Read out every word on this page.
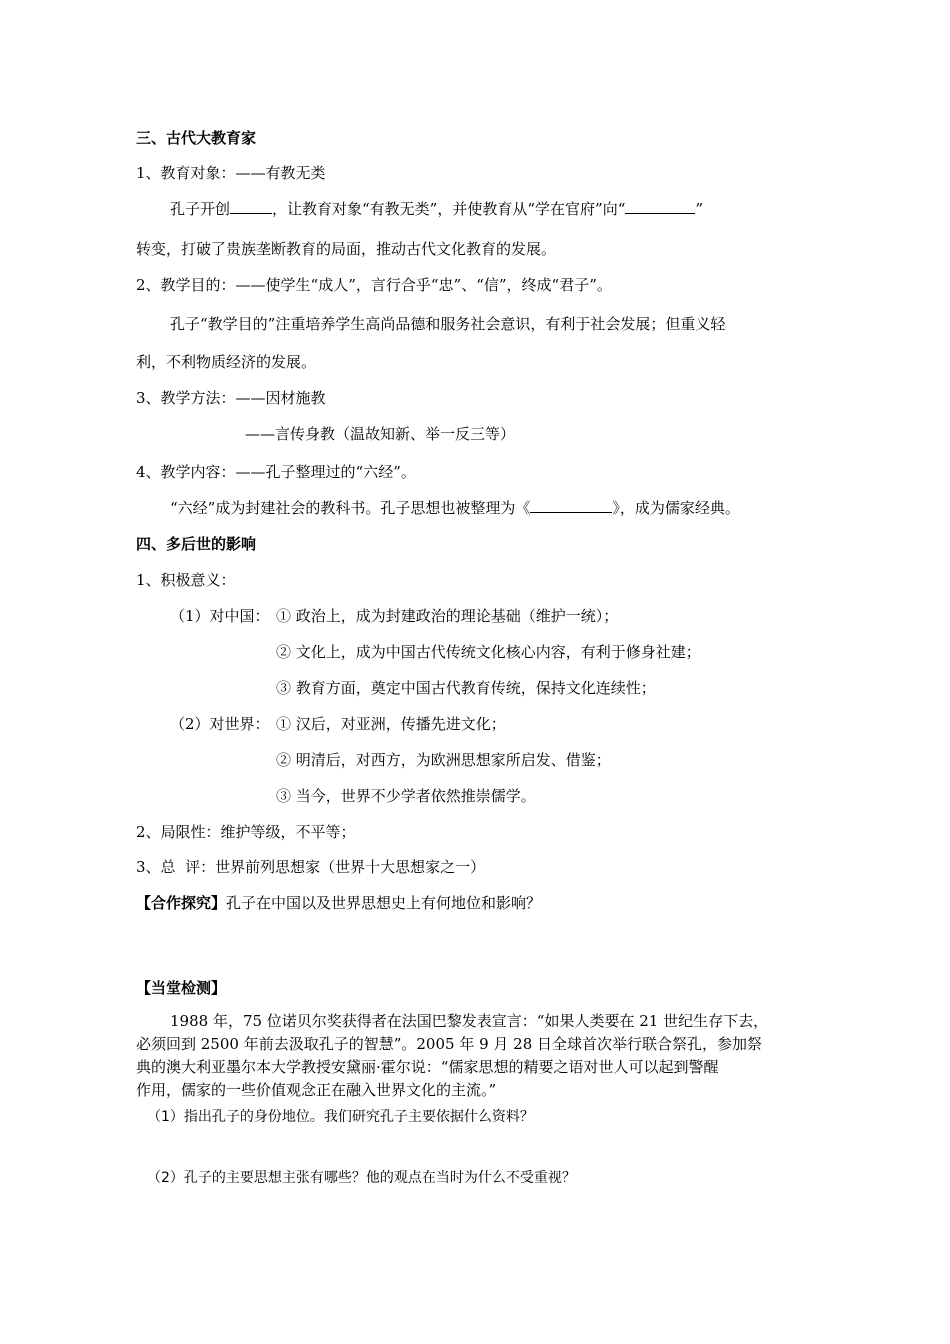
三、古代大教育家
1、教育对象：——有教无类
孔子开创	，让教育对象“有教无类”，并使教育从“学在官府”向“	”
转变，打破了贵族垄断教育的局面，推动古代文化教育的发展。
2、教学目的：——使学生“成人”，言行合乎“忠”、“信”，终成“君子”。
孔子“教学目的”注重培养学生高尚品德和服务社会意识，有利于社会发展；但重义轻
利，不利物质经济的发展。
3、教学方法：——因材施教
——言传身教（温故知新、举一反三等）
4、教学内容：——孔子整理过的“六经”。
“六经”成为封建社会的教科书。孔子思想也被整理为《	》，成为儒家经典。
四、多后世的影响
1、积极意义：
（1）对中国： ① 政治上，成为封建政治的理论基础（维护一统）；
② 文化上，成为中国古代传统文化核心内容，有利于修身社建；
③ 教育方面，奠定中国古代教育传统，保持文化连续性；
（2）对世界： ① 汉后，对亚洲，传播先进文化；
② 明清后，对西方，为欧洲思想家所启发、借鉴；
③ 当今，世界不少学者依然推崇儒学。
2、局限性：维护等级，不平等；
3、总  评：世界前列思想家（世界十大思想家之一）
【合作探究】孔子在中国以及世界思想史上有何地位和影响？
【当堂检测】
1988 年，75 位诺贝尔奖获得者在法国巴黎发表宣言：“如果人类要在 21 世纪生存下去，
必须回到 2500 年前去汲取孔子的智慧”。2005 年 9 月 28 日全球首次举行联合祭孔，参加祭
典的澳大利亚墨尔本大学教授安黛丽·霍尔说：“儒家思想的精要之语对世人可以起到警醒
作用，儒家的一些价值观念正在融入世界文化的主流。”
（1）指出孔子的身份地位。我们研究孔子主要依据什么资料？
（2）孔子的主要思想主张有哪些？他的观点在当时为什么不受重视？
